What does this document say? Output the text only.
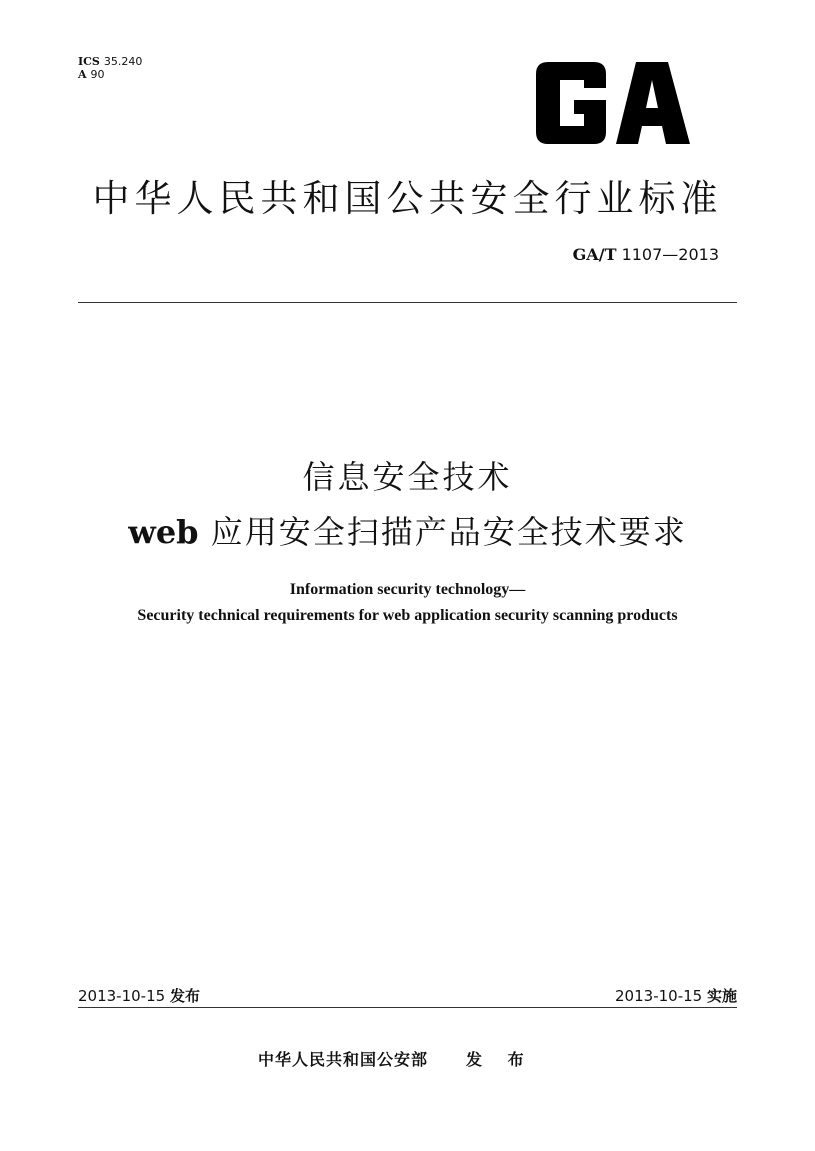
ICS 35.240
A 90
中华人民共和国公共安全行业标准
GA/T 1107—2013
信息安全技术
web 应用安全扫描产品安全技术要求
Information security technology—
Security technical requirements for web application security scanning products
2013-10-15 发布	2013-10-15 实施
中华人民共和国公安部 发 布
